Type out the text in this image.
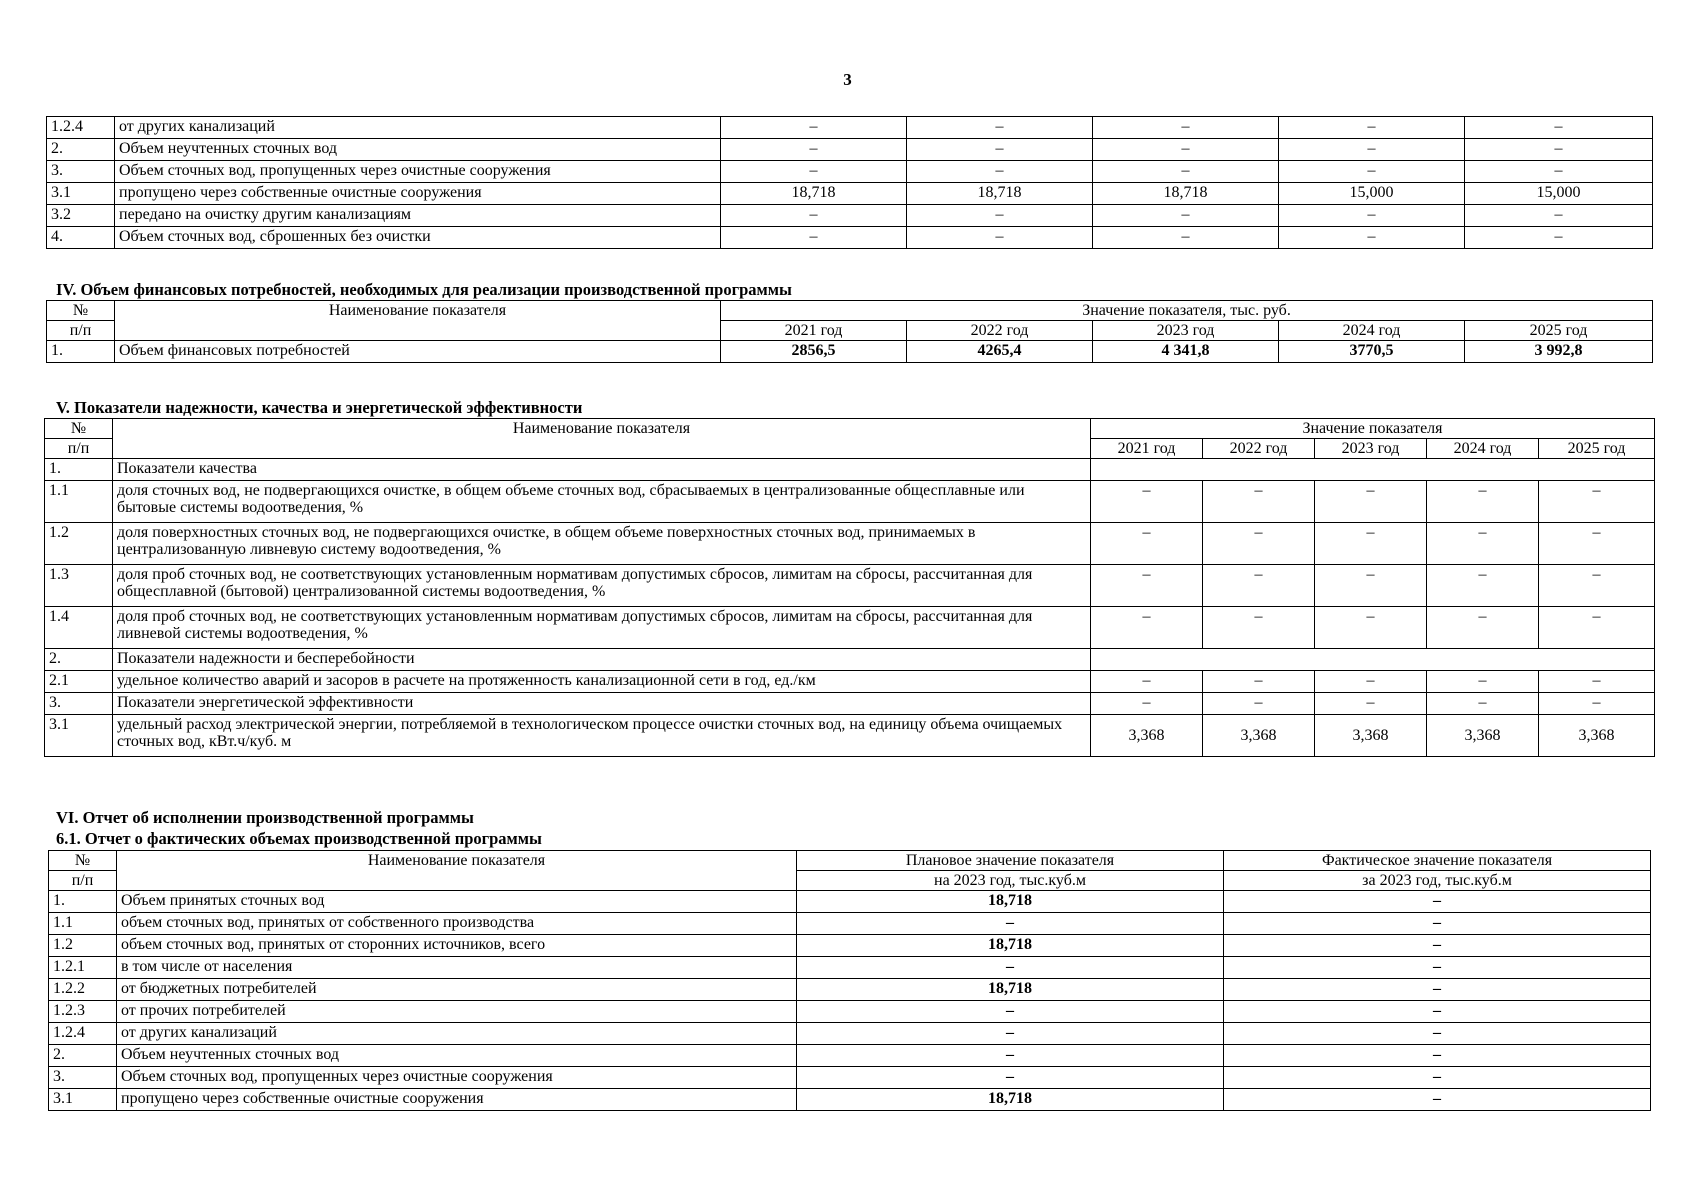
3
1.2.4	от других канализаций	–	–	–	–	–
2.	Объем неучтенных сточных вод	–	–	–	–	–
3.	Объем сточных вод, пропущенных через очистные сооружения	–	–	–	–	–
3.1	пропущено через собственные очистные сооружения	18,718	18,718	18,718	15,000	15,000
3.2	передано на очистку другим канализациям	–	–	–	–	–
4.	Объем сточных вод, сброшенных без очистки	–	–	–	–	–
IV. Объем финансовых потребностей, необходимых для реализации производственной программы
№	Наименование показателя	Значение показателя, тыс. руб.				
п/п		2021 год	2022 год	2023 год	2024 год	2025 год
1.	Объем финансовых потребностей	2856,5	4265,4	4 341,8	3770,5	3 992,8
V. Показатели надежности, качества и энергетической эффективности
№	Наименование показателя	Значение показателя				
п/п		2021 год	2022 год	2023 год	2024 год	2025 год
1.	Показатели качества					
1.1	доля сточных вод, не подвергающихся очистке, в общем объеме сточных вод, сбрасываемых в централизованные общесплавные или бытовые системы водоотведения, %	–	–	–	–	–
1.2	доля поверхностных сточных вод, не подвергающихся очистке, в общем объеме поверхностных сточных вод, принимаемых в централизованную ливневую систему водоотведения, %	–	–	–	–	–
1.3	доля проб сточных вод, не соответствующих установленным нормативам допустимых сбросов, лимитам на сбросы, рассчитанная для общесплавной (бытовой) централизованной системы водоотведения, %	–	–	–	–	–
1.4	доля проб сточных вод, не соответствующих установленным нормативам допустимых сбросов, лимитам на сбросы, рассчитанная для ливневой системы водоотведения, %	–	–	–	–	–
2.	Показатели надежности и бесперебойности					
2.1	удельное количество аварий и засоров в расчете на протяженность канализационной сети в год, ед./км	–	–	–	–	–
3.	Показатели энергетической эффективности	–	–	–	–	–
3.1	удельный расход электрической энергии, потребляемой в технологическом процессе очистки сточных вод, на единицу объема очищаемых сточных вод, кВт.ч/куб. м	3,368	3,368	3,368	3,368	3,368
VI. Отчет об исполнении производственной программы
6.1. Отчет о фактических объемах производственной программы
№	Наименование показателя	Плановое значение показателя	Фактическое значение показателя
п/п		на 2023 год, тыс.куб.м	за 2023 год, тыс.куб.м
1.	Объем принятых сточных вод	18,718	–
1.1	объем сточных вод, принятых от собственного производства	–	–
1.2	объем сточных вод, принятых от сторонних источников, всего	18,718	–
1.2.1	в том числе от населения	–	–
1.2.2	от бюджетных потребителей	18,718	–
1.2.3	от прочих потребителей	–	–
1.2.4	от других канализаций	–	–
2.	Объем неучтенных сточных вод	–	–
3.	Объем сточных вод, пропущенных через очистные сооружения	–	–
3.1	пропущено через собственные очистные сооружения	18,718	–
